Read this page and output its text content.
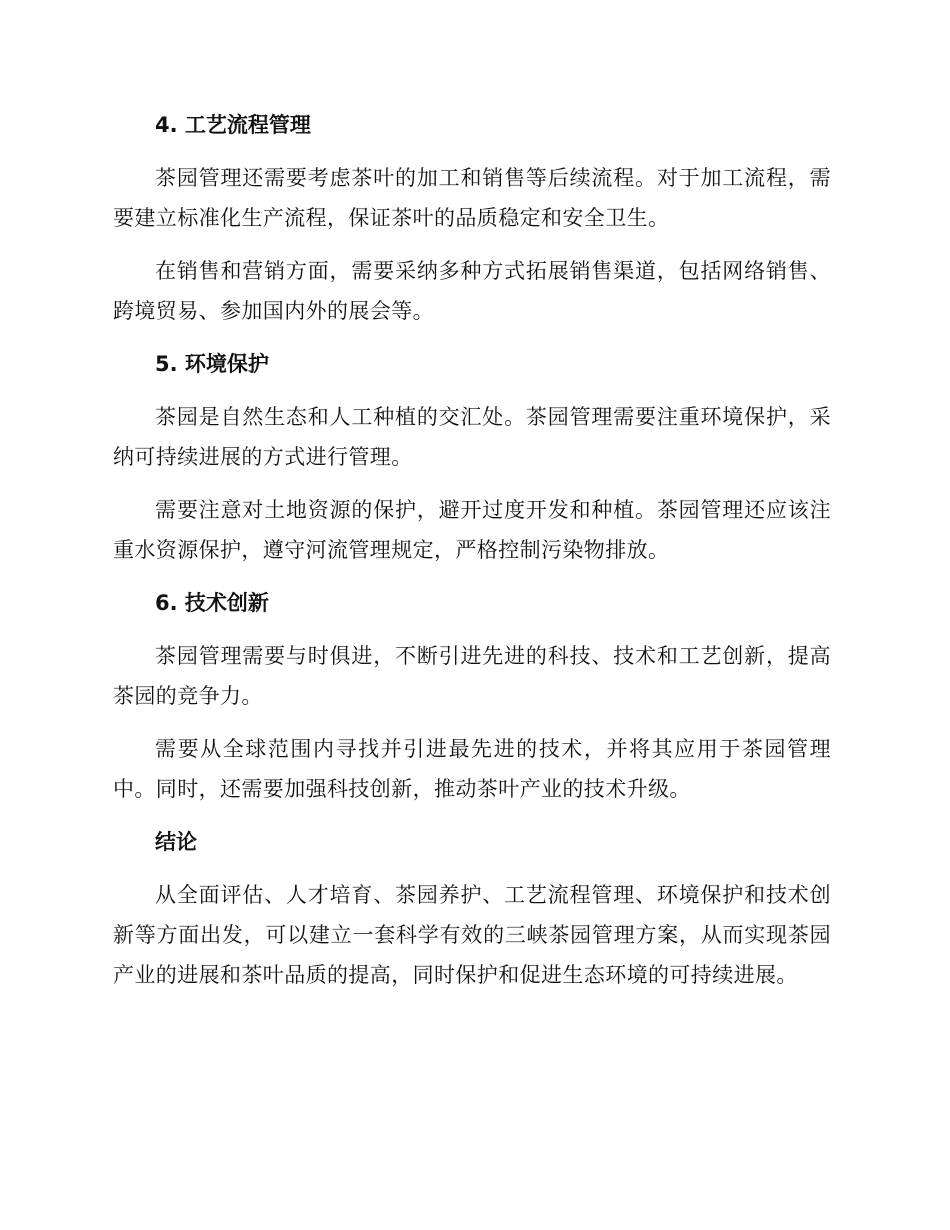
4. 工艺流程管理

茶园管理还需要考虑茶叶的加工和销售等后续流程。对于加工流程，需要建立标准化生产流程，保证茶叶的品质稳定和安全卫生。

在销售和营销方面，需要采纳多种方式拓展销售渠道，包括网络销售、跨境贸易、参加国内外的展会等。

5. 环境保护

茶园是自然生态和人工种植的交汇处。茶园管理需要注重环境保护，采纳可持续进展的方式进行管理。

需要注意对土地资源的保护，避开过度开发和种植。茶园管理还应该注重水资源保护，遵守河流管理规定，严格控制污染物排放。

6. 技术创新

茶园管理需要与时俱进，不断引进先进的科技、技术和工艺创新，提高茶园的竞争力。

需要从全球范围内寻找并引进最先进的技术，并将其应用于茶园管理中。同时，还需要加强科技创新，推动茶叶产业的技术升级。

结论

从全面评估、人才培育、茶园养护、工艺流程管理、环境保护和技术创新等方面出发，可以建立一套科学有效的三峡茶园管理方案，从而实现茶园产业的进展和茶叶品质的提高，同时保护和促进生态环境的可持续进展。
